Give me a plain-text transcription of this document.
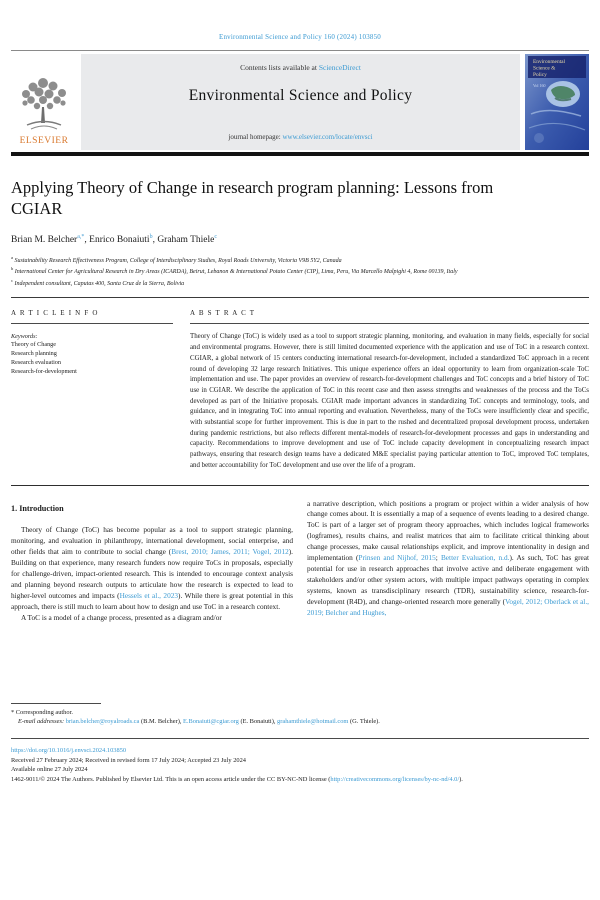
Environmental Science and Policy 160 (2024) 103850
ELSEVIER
Contents lists available at ScienceDirect
Environmental Science and Policy
journal homepage: www.elsevier.com/locate/envsci
Environmental
Science &
Policy
Vol 160
Applying Theory of Change in research program planning: Lessons from CGIAR
Brian M. Belcher$^{a,*}$, Enrico Bonaiuti$^b$, Graham Thiele$^c$
$^a$ Sustainability Research Effectiveness Program, College of Interdisciplinary Studies, Royal Roads University, Victoria V9B 5Y2, Canada
$^b$ International Center for Agricultural Research in Dry Areas (ICARDA), Beirut, Lebanon & International Potato Center (CIP), Lima, Peru, Via Marcello Malpighi 4, Rome 00139, Italy
$^c$ Independent consultant, Caputas 400, Santa Cruz de la Sierra, Bolivia
A R T I C L E I N F O
Keywords:
Theory of Change
Research planning
Research evaluation
Research-for-development
A B S T R A C T
Theory of Change (ToC) is widely used as a tool to support strategic planning, monitoring, and evaluation in many fields, especially for social and environmental programs. However, there is still limited documented experience with the application and use of ToC in a research context. CGIAR, a global network of 15 centers conducting international research-for-development, included a standardized ToC approach in a recent round of developing 32 large research Initiatives. This unique experience offers an ideal opportunity to learn from organization-scale ToC implementation and use. The paper provides an overview of research-for-development challenges and ToC concepts and a brief history of ToC use in CGIAR. We describe the application of ToC in this recent case and then assess strengths and weaknesses of the process and the ToCs developed as part of the Initiative proposals. CGIAR made important advances in standardizing ToC concepts and terminology, tools, and guidance, and in integrating ToC into annual reporting and evaluation. Nevertheless, many of the ToCs were insufficiently clear and specific, with substantial scope for further improvement. This is due in part to the rushed and decentralized proposal development process, undertaken during pandemic restrictions, but also reflects different mental-models of research-for-development processes and gaps in understanding and capacity. Recommendations to improve development and use of ToC include capacity development in conceptualizing research impact pathways, ensuring that research design teams have a dedicated M&E specialist paying particular attention to ToC, improved ToC templates, and better accountability for ToC development and use over the life of a program.
1. Introduction

Theory of Change (ToC) has become popular as a tool to support strategic planning, monitoring, and evaluation in philanthropy, international development, social enterprise, and other fields that aim to contribute to social change (Brest, 2010; James, 2011; Vogel, 2012). Building on that experience, many research funders now require ToCs in proposals, especially for challenge-driven, impact-oriented research. This is intended to encourage context analysis and planning beyond research outputs to articulate how the research is expected to lead to higher-level outcomes and impacts (Hessels et al., 2023). While there is great potential in this approach, there is still much to learn about how to design and use ToC in a research context.

A ToC is a model of a change process, presented as a diagram and/or

a narrative description, which positions a program or project within a wider analysis of how change comes about. It is essentially a map of a sequence of events leading to a desired change. ToC is part of a larger set of program theory approaches, which includes logical frameworks (logframes), results chains, and realist matrices that aim to facilitate critical thinking about change processes, make causal relationships explicit, and improve intentionality in design and implementation (Prinsen and Nijhof, 2015; Better Evaluation, n.d.). As such, ToC has great potential for use in research approaches that involve active and deliberate engagement with stakeholders and/or other system actors, with multiple impact pathways operating in complex systems, known as transdisciplinary research (TDR), sustainability science, research-for-development (R4D), and change-oriented research more generally (Vogel, 2012; Oberlack et al., 2019; Belcher and Hughes,

* Corresponding author.
E-mail addresses: brian.belcher@royalroads.ca (B.M. Belcher), E.Bonaiuti@cgiar.org (E. Bonaiuti), grahamthiele@hotmail.com (G. Thiele).
https://doi.org/10.1016/j.envsci.2024.103850
Received 27 February 2024; Received in revised form 17 July 2024; Accepted 23 July 2024
Available online 27 July 2024
1462-9011/© 2024 The Authors. Published by Elsevier Ltd. This is an open access article under the CC BY-NC-ND license (http://creativecommons.org/licenses/by-nc-nd/4.0/).
